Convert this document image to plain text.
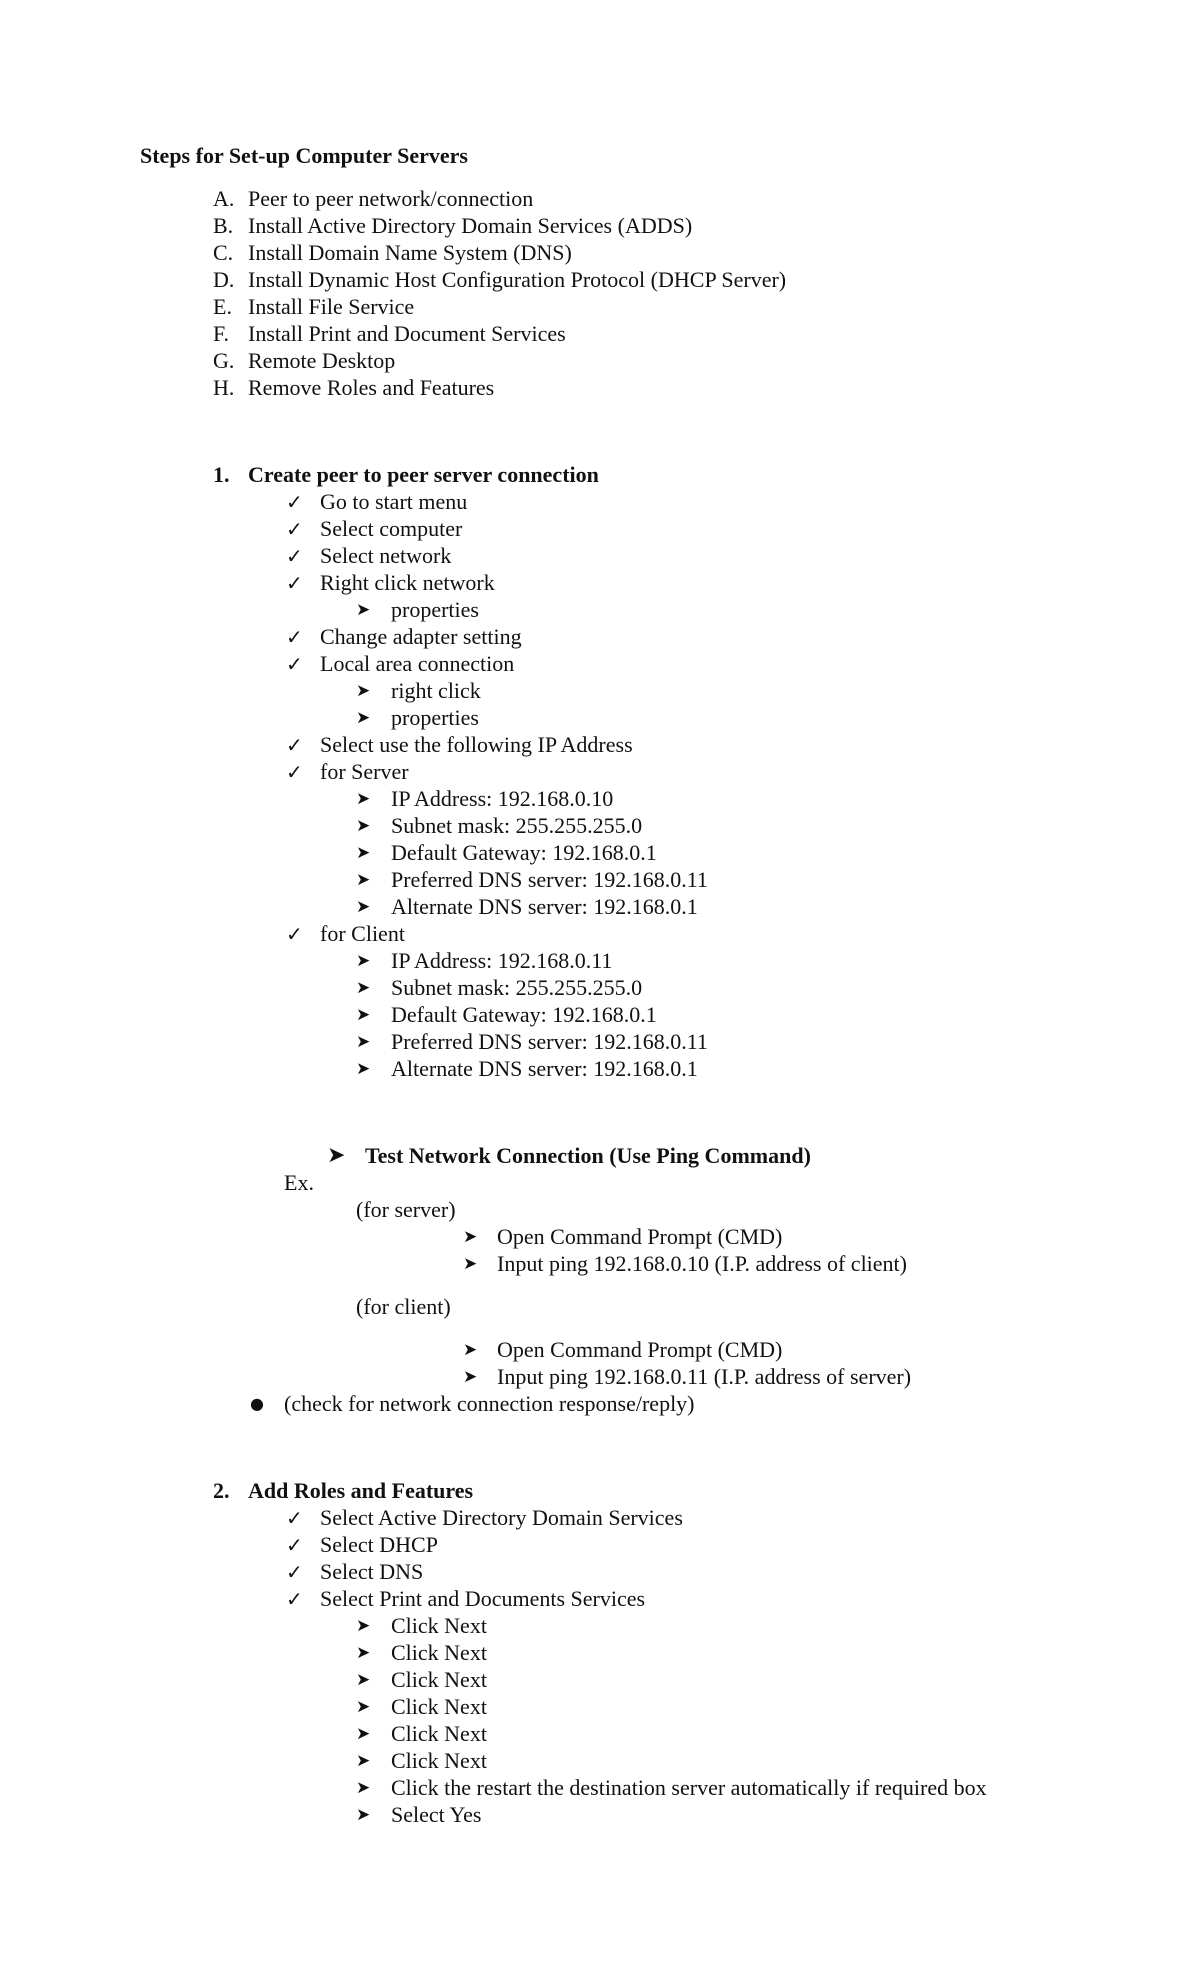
Steps for Set-up Computer Servers
A. Peer to peer network/connection
B. Install Active Directory Domain Services (ADDS)
C. Install Domain Name System (DNS)
D. Install Dynamic Host Configuration Protocol (DHCP Server)
E. Install File Service
F. Install Print and Document Services
G. Remote Desktop
H. Remove Roles and Features
1. Create peer to peer server connection
✓ Go to start menu
✓ Select computer
✓ Select network
✓ Right click network
➤ properties
✓ Change adapter setting
✓ Local area connection
➤ right click
➤ properties
✓ Select use the following IP Address
✓ for Server
➤ IP Address: 192.168.0.10
➤ Subnet mask: 255.255.255.0
➤ Default Gateway: 192.168.0.1
➤ Preferred DNS server: 192.168.0.11
➤ Alternate DNS server: 192.168.0.1
✓ for Client
➤ IP Address: 192.168.0.11
➤ Subnet mask: 255.255.255.0
➤ Default Gateway: 192.168.0.1
➤ Preferred DNS server: 192.168.0.11
➤ Alternate DNS server: 192.168.0.1
➤ Test Network Connection (Use Ping Command)
Ex.
(for server)
➤ Open Command Prompt (CMD)
➤ Input ping 192.168.0.10 (I.P. address of client)
(for client)
➤ Open Command Prompt (CMD)
➤ Input ping 192.168.0.11 (I.P. address of server)
● (check for network connection response/reply)
2. Add Roles and Features
✓ Select Active Directory Domain Services
✓ Select DHCP
✓ Select DNS
✓ Select Print and Documents Services
➤ Click Next
➤ Click Next
➤ Click Next
➤ Click Next
➤ Click Next
➤ Click Next
➤ Click the restart the destination server automatically if required box
➤ Select Yes
